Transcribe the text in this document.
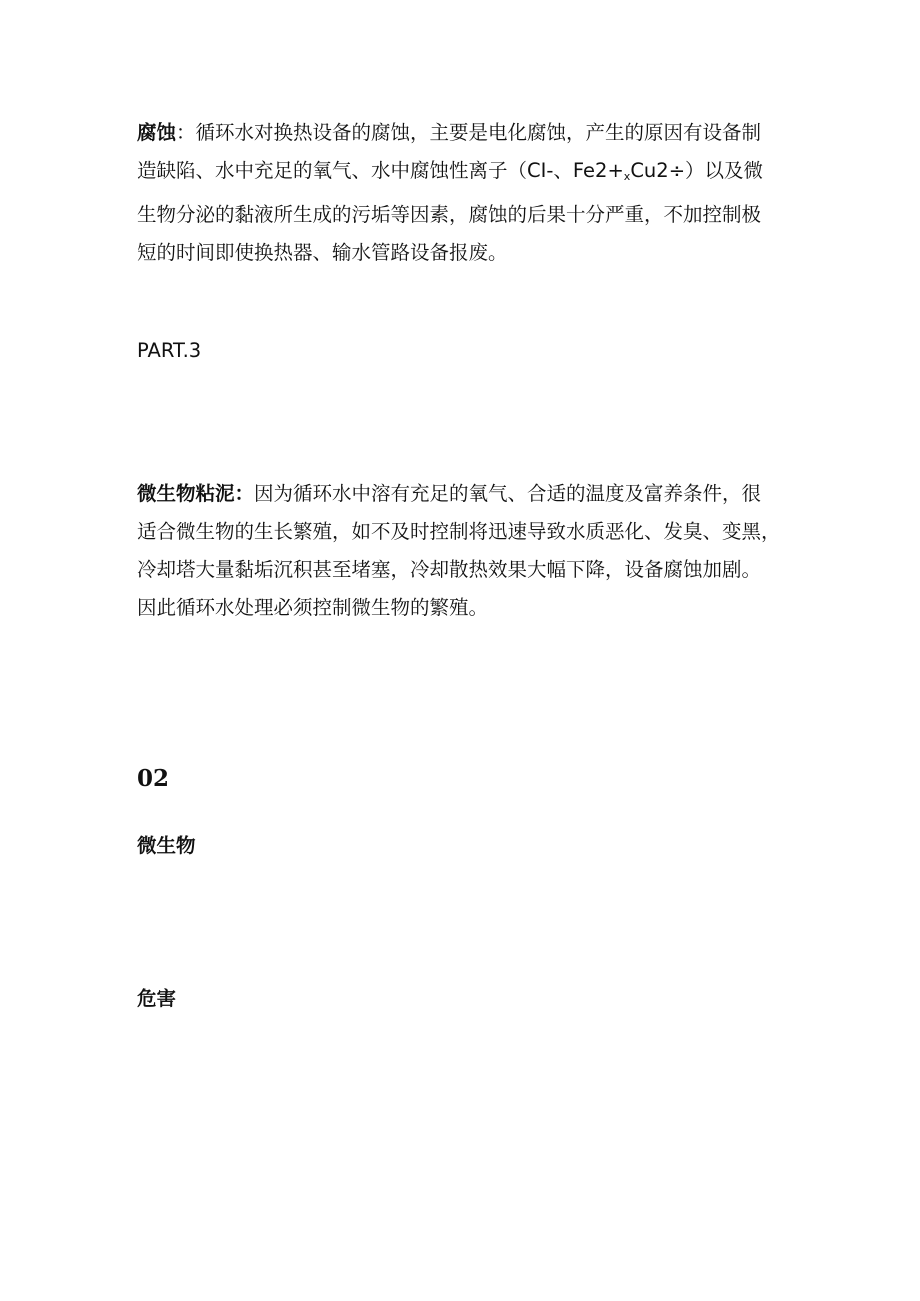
腐蚀：循环水对换热设备的腐蚀，主要是电化腐蚀，产生的原因有设备制
造缺陷、水中充足的氧气、水中腐蚀性离子（CI-、$Fe2+_xCu2\div$）以及微
生物分泌的黏液所生成的污垢等因素，腐蚀的后果十分严重，不加控制极
短的时间即使换热器、输水管路设备报废。
PART.3
微生物粘泥：因为循环水中溶有充足的氧气、合适的温度及富养条件，很
适合微生物的生长繁殖，如不及时控制将迅速导致水质恶化、发臭、变黑，
冷却塔大量黏垢沉积甚至堵塞，冷却散热效果大幅下降，设备腐蚀加剧。
因此循环水处理必须控制微生物的繁殖。
02
微生物
危害
